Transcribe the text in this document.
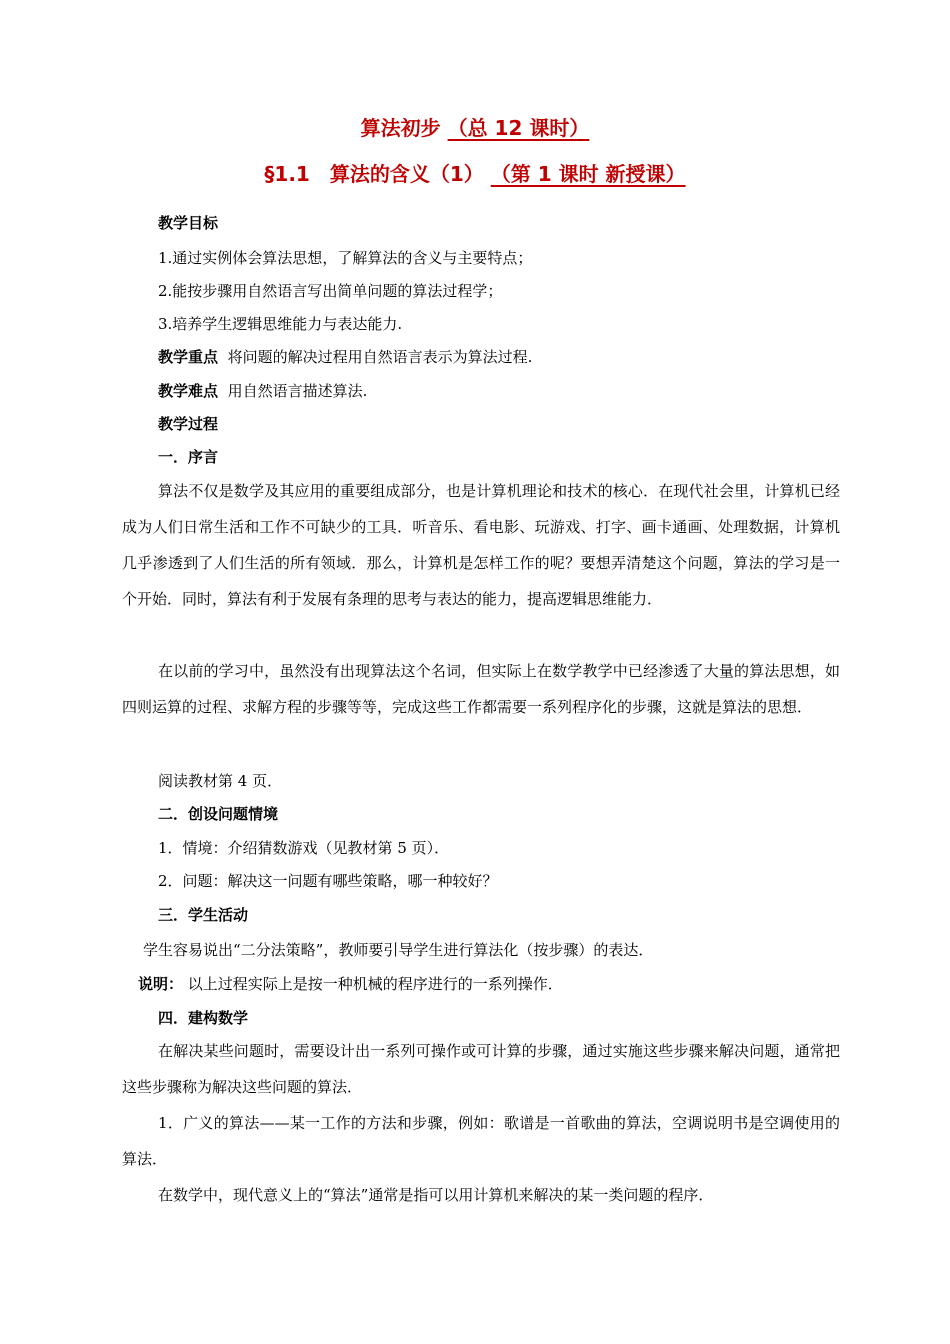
算法初步 （总 12 课时）
§1.1　算法的含义（1） （第 1 课时 新授课）
教学目标
1.通过实例体会算法思想，了解算法的含义与主要特点；
2.能按步骤用自然语言写出简单问题的算法过程学；
3.培养学生逻辑思维能力与表达能力.
教学重点 将问题的解决过程用自然语言表示为算法过程.
教学难点 用自然语言描述算法.
教学过程
一．序言
算法不仅是数学及其应用的重要组成部分，也是计算机理论和技术的核心．在现代社会里，计算机已经成为人们日常生活和工作不可缺少的工具．听音乐、看电影、玩游戏、打字、画卡通画、处理数据，计算机几乎渗透到了人们生活的所有领域．那么，计算机是怎样工作的呢？要想弄清楚这个问题，算法的学习是一个开始．同时，算法有利于发展有条理的思考与表达的能力，提高逻辑思维能力．
在以前的学习中，虽然没有出现算法这个名词，但实际上在数学教学中已经渗透了大量的算法思想，如四则运算的过程、求解方程的步骤等等，完成这些工作都需要一系列程序化的步骤，这就是算法的思想．
阅读教材第 4 页．
二．创设问题情境
1．情境：介绍猜数游戏（见教材第 5 页）．
2．问题：解决这一问题有哪些策略，哪一种较好？
三．学生活动
学生容易说出“二分法策略”，教师要引导学生进行算法化（按步骤）的表达．
说明： 以上过程实际上是按一种机械的程序进行的一系列操作．
四．建构数学
在解决某些问题时，需要设计出一系列可操作或可计算的步骤，通过实施这些步骤来解决问题，通常把这些步骤称为解决这些问题的算法．
1．广义的算法——某一工作的方法和步骤，例如：歌谱是一首歌曲的算法，空调说明书是空调使用的算法．
在数学中，现代意义上的“算法”通常是指可以用计算机来解决的某一类问题的程序．
